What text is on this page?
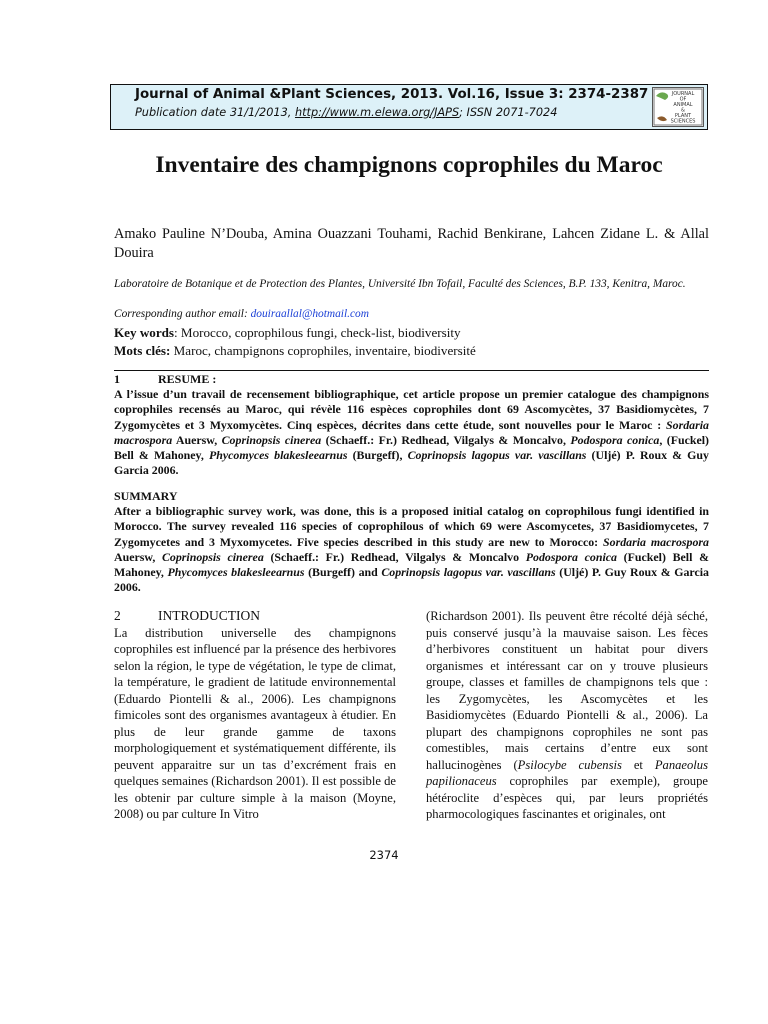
Journal of Animal &Plant Sciences, 2013. Vol.16, Issue 3: 2374-2387
Publication date 31/1/2013, http://www.m.elewa.org/JAPS; ISSN 2071-7024
JOURNAL
OF
ANIMAL
&
PLANT
SCIENCES
Inventaire des champignons coprophiles du Maroc
Amako Pauline N’Douba, Amina Ouazzani Touhami, Rachid Benkirane, Lahcen Zidane L. & Allal Douira
Laboratoire de Botanique et de Protection des Plantes, Université Ibn Tofail, Faculté des Sciences, B.P. 133, Kenitra, Maroc.
Corresponding author email: douiraallal@hotmail.com
Key words: Morocco, coprophilous fungi, check-list, biodiversity
Mots clés: Maroc, champignons coprophiles, inventaire, biodiversité
1	RESUME :
A l’issue d’un travail de recensement bibliographique, cet article propose un premier catalogue des champignons coprophiles recensés au Maroc, qui révèle 116 espèces coprophiles dont 69 Ascomycètes, 37 Basidiomycètes, 7 Zygomycètes et 3 Myxomycètes. Cinq espèces, décrites dans cette étude, sont nouvelles pour le Maroc : Sordaria macrospora Auersw, Coprinopsis cinerea (Schaeff.: Fr.) Redhead, Vilgalys & Moncalvo, Podospora conica, (Fuckel) Bell & Mahoney, Phycomyces blakesleearnus (Burgeff), Coprinopsis lagopus var. vascillans (Uljé) P. Roux & Guy Garcia 2006.
SUMMARY
After a bibliographic survey work, was done, this is a proposed initial catalog on coprophilous fungi identified in Morocco. The survey revealed 116 species of coprophilous of which 69 were Ascomycetes, 37 Basidiomycetes, 7 Zygomycetes and 3 Myxomycetes. Five species described in this study are new to Morocco: Sordaria macrospora Auersw, Coprinopsis cinerea (Schaeff.: Fr.) Redhead, Vilgalys & Moncalvo Podospora conica (Fuckel) Bell & Mahoney, Phycomyces blakesleearnus (Burgeff) and Coprinopsis lagopus var. vascillans (Uljé) P. Guy Roux & Garcia 2006.
2	INTRODUCTION
La distribution universelle des champignons coprophiles est influencé par la présence des herbivores selon la région, le type de végétation, le type de climat, la température, le gradient de latitude environnemental (Eduardo Piontelli & al., 2006). Les champignons fimicoles sont des organismes avantageux à étudier. En plus de leur grande gamme de taxons morphologiquement et systématiquement différente, ils peuvent apparaitre sur un tas d’excrément frais en quelques semaines (Richardson 2001). Il est possible de les obtenir par culture simple à la maison (Moyne, 2008) ou par culture In Vitro
(Richardson 2001). Ils peuvent être récolté déjà séché, puis conservé jusqu’à la mauvaise saison. Les fèces d’herbivores constituent un habitat pour divers organismes et intéressant car on y trouve plusieurs groupe, classes et familles de champignons tels que : les Zygomycètes, les Ascomycètes et les Basidiomycètes (Eduardo Piontelli & al., 2006). La plupart des champignons coprophiles ne sont pas comestibles, mais certains d’entre eux sont hallucinogènes (Psilocybe cubensis et Panaeolus papilionaceus coprophiles par exemple), groupe hétéroclite d’espèces qui, par leurs propriétés pharmocologiques fascinantes et originales, ont
2374
